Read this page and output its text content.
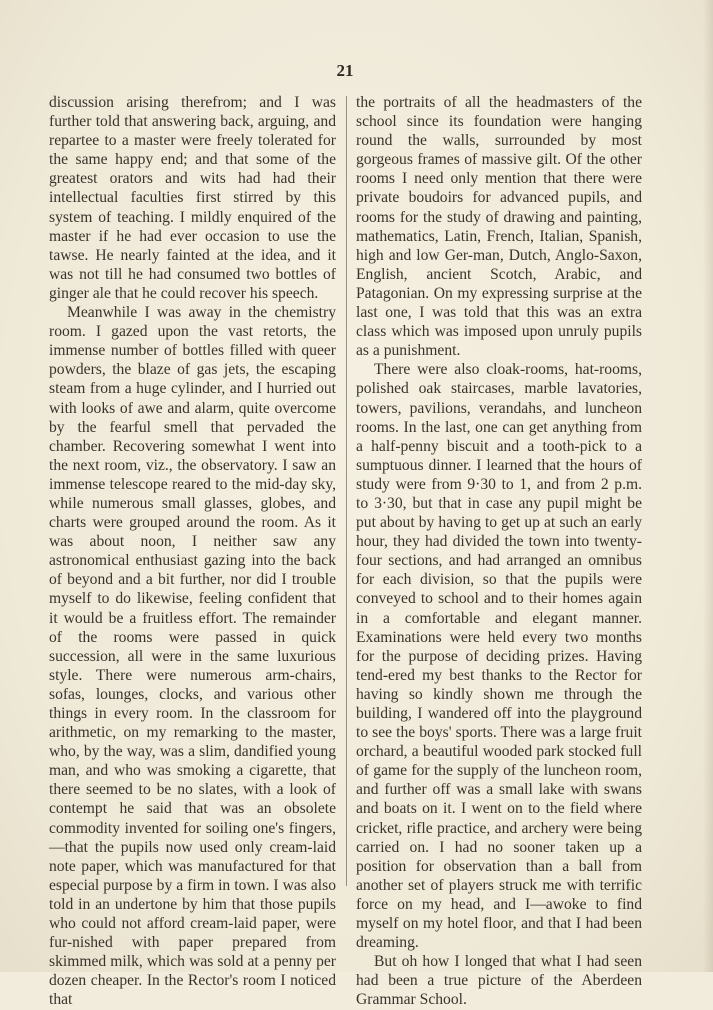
21

discussion arising therefrom; and I was further told that answering back, arguing, and repartee to a master were freely tolerated for the same happy end; and that some of the greatest orators and wits had had their intellectual faculties first stirred by this system of teaching. I mildly enquired of the master if he had ever occasion to use the tawse. He nearly fainted at the idea, and it was not till he had consumed two bottles of ginger ale that he could recover his speech.

Meanwhile I was away in the chemistry room. I gazed upon the vast retorts, the immense number of bottles filled with queer powders, the blaze of gas jets, the escaping steam from a huge cylinder, and I hurried out with looks of awe and alarm, quite overcome by the fearful smell that pervaded the chamber. Recovering somewhat I went into the next room, viz., the observatory. I saw an immense telescope reared to the mid-day sky, while numerous small glasses, globes, and charts were grouped around the room. As it was about noon, I neither saw any astronomical enthusiast gazing into the back of beyond and a bit further, nor did I trouble myself to do likewise, feeling confident that it would be a fruitless effort. The remainder of the rooms were passed in quick succession, all were in the same luxurious style. There were numerous arm-chairs, sofas, lounges, clocks, and various other things in every room. In the classroom for arithmetic, on my remarking to the master, who, by the way, was a slim, dandified young man, and who was smoking a cigarette, that there seemed to be no slates, with a look of contempt he said that was an obsolete commodity invented for soiling one's fingers,—that the pupils now used only cream-laid note paper, which was manufactured for that especial purpose by a firm in town. I was also told in an undertone by him that those pupils who could not afford cream-laid paper, were fur-nished with paper prepared from skimmed milk, which was sold at a penny per dozen cheaper. In the Rector's room I noticed that

the portraits of all the headmasters of the school since its foundation were hanging round the walls, surrounded by most gorgeous frames of massive gilt. Of the other rooms I need only mention that there were private boudoirs for advanced pupils, and rooms for the study of drawing and painting, mathematics, Latin, French, Italian, Spanish, high and low Ger-man, Dutch, Anglo-Saxon, English, ancient Scotch, Arabic, and Patagonian. On my expressing surprise at the last one, I was told that this was an extra class which was imposed upon unruly pupils as a punishment.

There were also cloak-rooms, hat-rooms, polished oak staircases, marble lavatories, towers, pavilions, verandahs, and luncheon rooms. In the last, one can get anything from a half-penny biscuit and a tooth-pick to a sumptuous dinner. I learned that the hours of study were from 9·30 to 1, and from 2 p.m. to 3·30, but that in case any pupil might be put about by having to get up at such an early hour, they had divided the town into twenty-four sections, and had arranged an omnibus for each division, so that the pupils were conveyed to school and to their homes again in a comfortable and elegant manner. Examinations were held every two months for the purpose of deciding prizes. Having tend-ered my best thanks to the Rector for having so kindly shown me through the building, I wandered off into the playground to see the boys' sports. There was a large fruit orchard, a beautiful wooded park stocked full of game for the supply of the luncheon room, and further off was a small lake with swans and boats on it. I went on to the field where cricket, rifle practice, and archery were being carried on. I had no sooner taken up a position for observation than a ball from another set of players struck me with terrific force on my head, and I—awoke to find myself on my hotel floor, and that I had been dreaming.

But oh how I longed that what I had seen had been a true picture of the Aberdeen Grammar School.
